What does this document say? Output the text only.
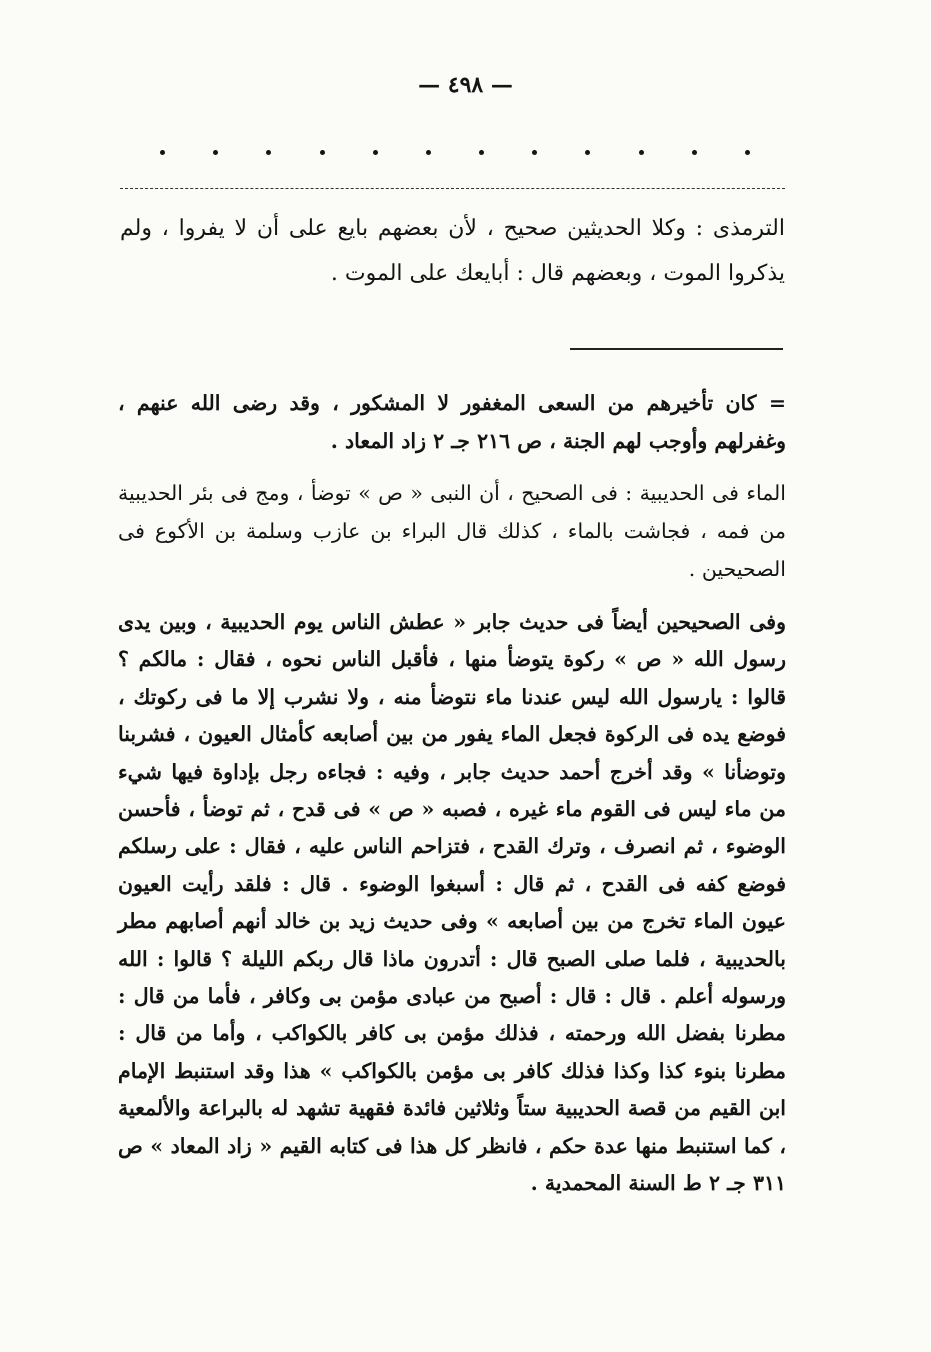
— ٤٩٨ —

الترمذى : وكلا الحديثين صحيح ، لأن بعضهم بايع على أن لا يفروا ، ولم يذكروا الموت ، وبعضهم قال : أبايعك على الموت .

= كان تأخيرهم من السعى المغفور لا المشكور ، وقد رضى الله عنهم ، وغفرلهم وأوجب لهم الجنة ، ص ٢١٦ جـ ٢ زاد المعاد .

الماء فى الحديبية : فى الصحيح ، أن النبى « ص » توضأ ، ومج فى بئر الحديبية من فمه ، فجاشت بالماء ، كذلك قال البراء بن عازب وسلمة بن الأكوع فى الصحيحين .

وفى الصحيحين أيضاً فى حديث جابر « عطش الناس يوم الحديبية ، وبين يدى رسول الله « ص » ركوة يتوضأ منها ، فأقبل الناس نحوه ، فقال : مالكم ؟ قالوا : يارسول الله ليس عندنا ماء نتوضأ منه ، ولا نشرب إلا ما فى ركوتك ، فوضع يده فى الركوة فجعل الماء يفور من بين أصابعه كأمثال العيون ، فشربنا وتوضأنا » وقد أخرج أحمد حديث جابر ، وفيه : فجاءه رجل بإداوة فيها شيء من ماء ليس فى القوم ماء غيره ، فصبه « ص » فى قدح ، ثم توضأ ، فأحسن الوضوء ، ثم انصرف ، وترك القدح ، فتزاحم الناس عليه ، فقال : على رسلكم فوضع كفه فى القدح ، ثم قال : أسبغوا الوضوء . قال : فلقد رأيت العيون عيون الماء تخرج من بين أصابعه » وفى حديث زيد بن خالد أنهم أصابهم مطر بالحديبية ، فلما صلى الصبح قال : أتدرون ماذا قال ربكم الليلة ؟ قالوا : الله ورسوله أعلم . قال : قال : أصبح من عبادى مؤمن بى وكافر ، فأما من قال : مطرنا بفضل الله ورحمته ، فذلك مؤمن بى كافر بالكواكب ، وأما من قال : مطرنا بنوء كذا وكذا فذلك كافر بى مؤمن بالكواكب » هذا وقد استنبط الإمام ابن القيم من قصة الحديبية ستاً وثلاثين فائدة فقهية تشهد له بالبراعة والألمعية ، كما استنبط منها عدة حكم ، فانظر كل هذا فى كتابه القيم « زاد المعاد » ص ٣١١ جـ ٢ ط السنة المحمدية .
